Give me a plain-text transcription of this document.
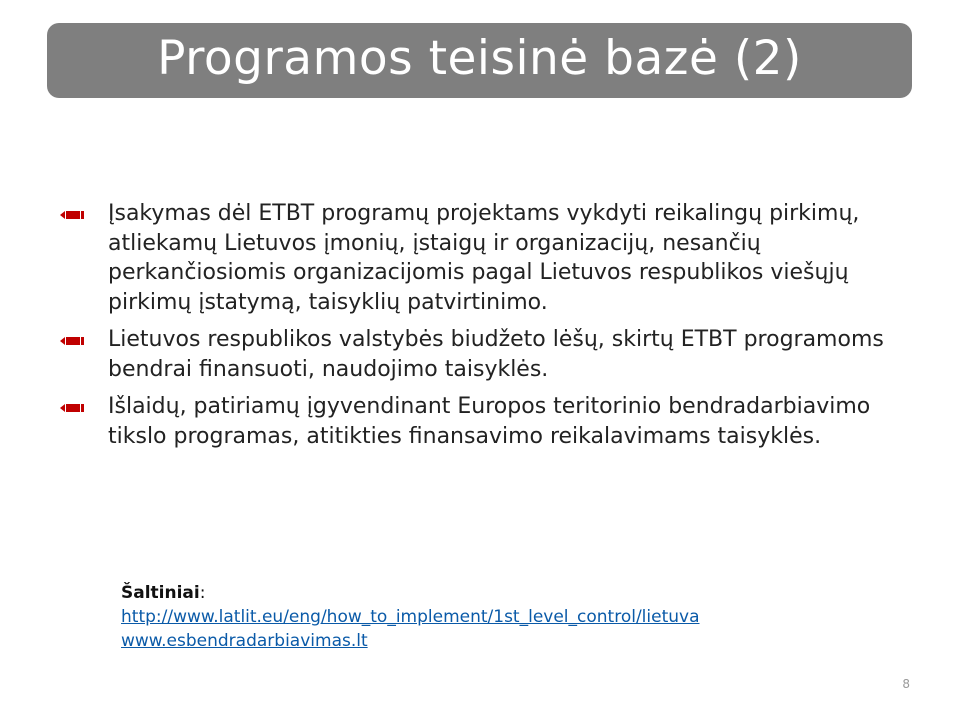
Programos teisinė bazė (2)
Įsakymas dėl ETBT programų projektams vykdyti reikalingų pirkimų, atliekamų Lietuvos įmonių, įstaigų ir organizacijų, nesančių perkančiosiomis organizacijomis pagal Lietuvos respublikos viešųjų pirkimų įstatymą, taisyklių patvirtinimo.
Lietuvos respublikos valstybės biudžeto lėšų, skirtų ETBT programoms bendrai finansuoti, naudojimo taisyklės.
Išlaidų, patiriamų įgyvendinant Europos teritorinio bendradarbiavimo tikslo programas, atitikties finansavimo reikalavimams taisyklės.
Šaltiniai:
http://www.latlit.eu/eng/how_to_implement/1st_level_control/lietuva
www.esbendradarbiavimas.lt
8
